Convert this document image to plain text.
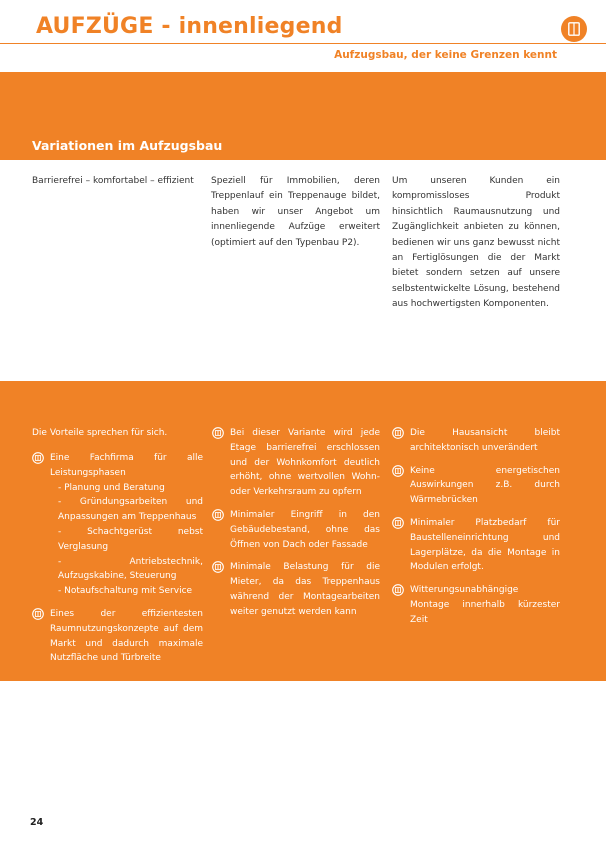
AUFZÜGE - innenliegend
Aufzugsbau, der keine Grenzen kennt
Variationen im Aufzugsbau
Barrierefrei – komfortabel – effizient	Speziell für Immobilien, deren Treppenlauf ein Treppenauge bildet, haben wir unser Angebot um innenliegende Aufzüge erweitert (optimiert auf den Typenbau P2).
Um unseren Kunden ein kompromissloses Produkt hinsichtlich Raumausnutzung und Zugänglichkeit anbieten zu können, bedienen wir uns ganz bewusst nicht an Fertiglösungen die der Markt bietet sondern setzen auf unsere selbstentwickelte Lösung, bestehend aus hochwertigsten Komponenten.
Die Vorteile sprechen für sich.
Eine Fachfirma für alle Leistungsphasen
- Planung und Beratung
- Gründungsarbeiten und Anpassungen am Treppenhaus
- Schachtgerüst nebst Verglasung
- Antriebstechnik, Aufzugskabine, Steuerung
- Notaufschaltung mit Service
Eines der effizientesten Raumnutzungskonzepte auf dem Markt und dadurch maximale Nutzfläche und Türbreite
Bei dieser Variante wird jede Etage barrierefrei erschlossen und der Wohnkomfort deutlich erhöht, ohne wertvollen Wohn- oder Verkehrsraum zu opfern
Minimaler Eingriff in den Gebäudebestand, ohne das Öffnen von Dach oder Fassade
Minimale Belastung für die Mieter, da das Treppenhaus während der Montagearbeiten weiter genutzt werden kann
Die Hausansicht bleibt architektonisch unverändert
Keine energetischen Auswirkungen z.B. durch Wärmebrücken
Minimaler Platzbedarf für Baustelleneinrichtung und Lagerplätze, da die Montage in Modulen erfolgt.
Witterungsunabhängige Montage innerhalb kürzester Zeit
24
